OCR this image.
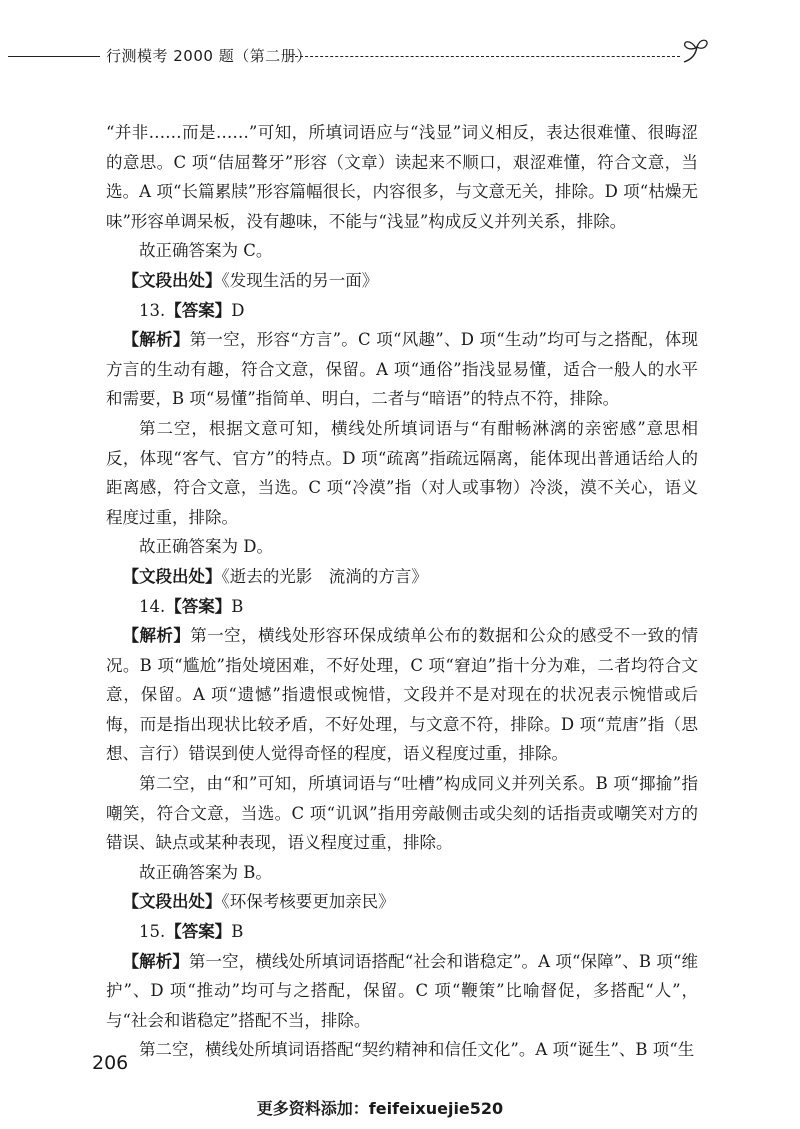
行测模考 2000 题（第二册）

“并非……而是……”可知，所填词语应与“浅显”词义相反，表达很难懂、很晦涩的意思。C 项“佶屈聱牙”形容（文章）读起来不顺口，艰涩难懂，符合文意，当选。A 项“长篇累牍”形容篇幅很长，内容很多，与文意无关，排除。D 项“枯燥无味”形容单调呆板，没有趣味，不能与“浅显”构成反义并列关系，排除。

故正确答案为 C。

【文段出处】《发现生活的另一面》

13.【答案】D

【解析】第一空，形容“方言”。C 项“风趣”、D 项“生动”均可与之搭配，体现方言的生动有趣，符合文意，保留。A 项“通俗”指浅显易懂，适合一般人的水平和需要，B 项“易懂”指简单、明白，二者与“暗语”的特点不符，排除。

第二空，根据文意可知，横线处所填词语与“有酣畅淋漓的亲密感”意思相反，体现“客气、官方”的特点。D 项“疏离”指疏远隔离，能体现出普通话给人的距离感，符合文意，当选。C 项“冷漠”指（对人或事物）冷淡，漠不关心，语义程度过重，排除。

故正确答案为 D。

【文段出处】《逝去的光影　流淌的方言》

14.【答案】B

【解析】第一空，横线处形容环保成绩单公布的数据和公众的感受不一致的情况。B 项“尴尬”指处境困难，不好处理，C 项“窘迫”指十分为难，二者均符合文意，保留。A 项“遗憾”指遗恨或惋惜，文段并不是对现在的状况表示惋惜或后悔，而是指出现状比较矛盾，不好处理，与文意不符，排除。D 项“荒唐”指（思想、言行）错误到使人觉得奇怪的程度，语义程度过重，排除。

第二空，由“和”可知，所填词语与“吐槽”构成同义并列关系。B 项“揶揄”指嘲笑，符合文意，当选。C 项“讥讽”指用旁敲侧击或尖刻的话指责或嘲笑对方的错误、缺点或某种表现，语义程度过重，排除。

故正确答案为 B。

【文段出处】《环保考核要更加亲民》

15.【答案】B

【解析】第一空，横线处所填词语搭配“社会和谐稳定”。A 项“保障”、B 项“维护”、D 项“推动”均可与之搭配，保留。C 项“鞭策”比喻督促，多搭配“人”，与“社会和谐稳定”搭配不当，排除。

第二空，横线处所填词语搭配“契约精神和信任文化”。A 项“诞生”、B 项“生

206
更多资料添加：feifeixuejie520
